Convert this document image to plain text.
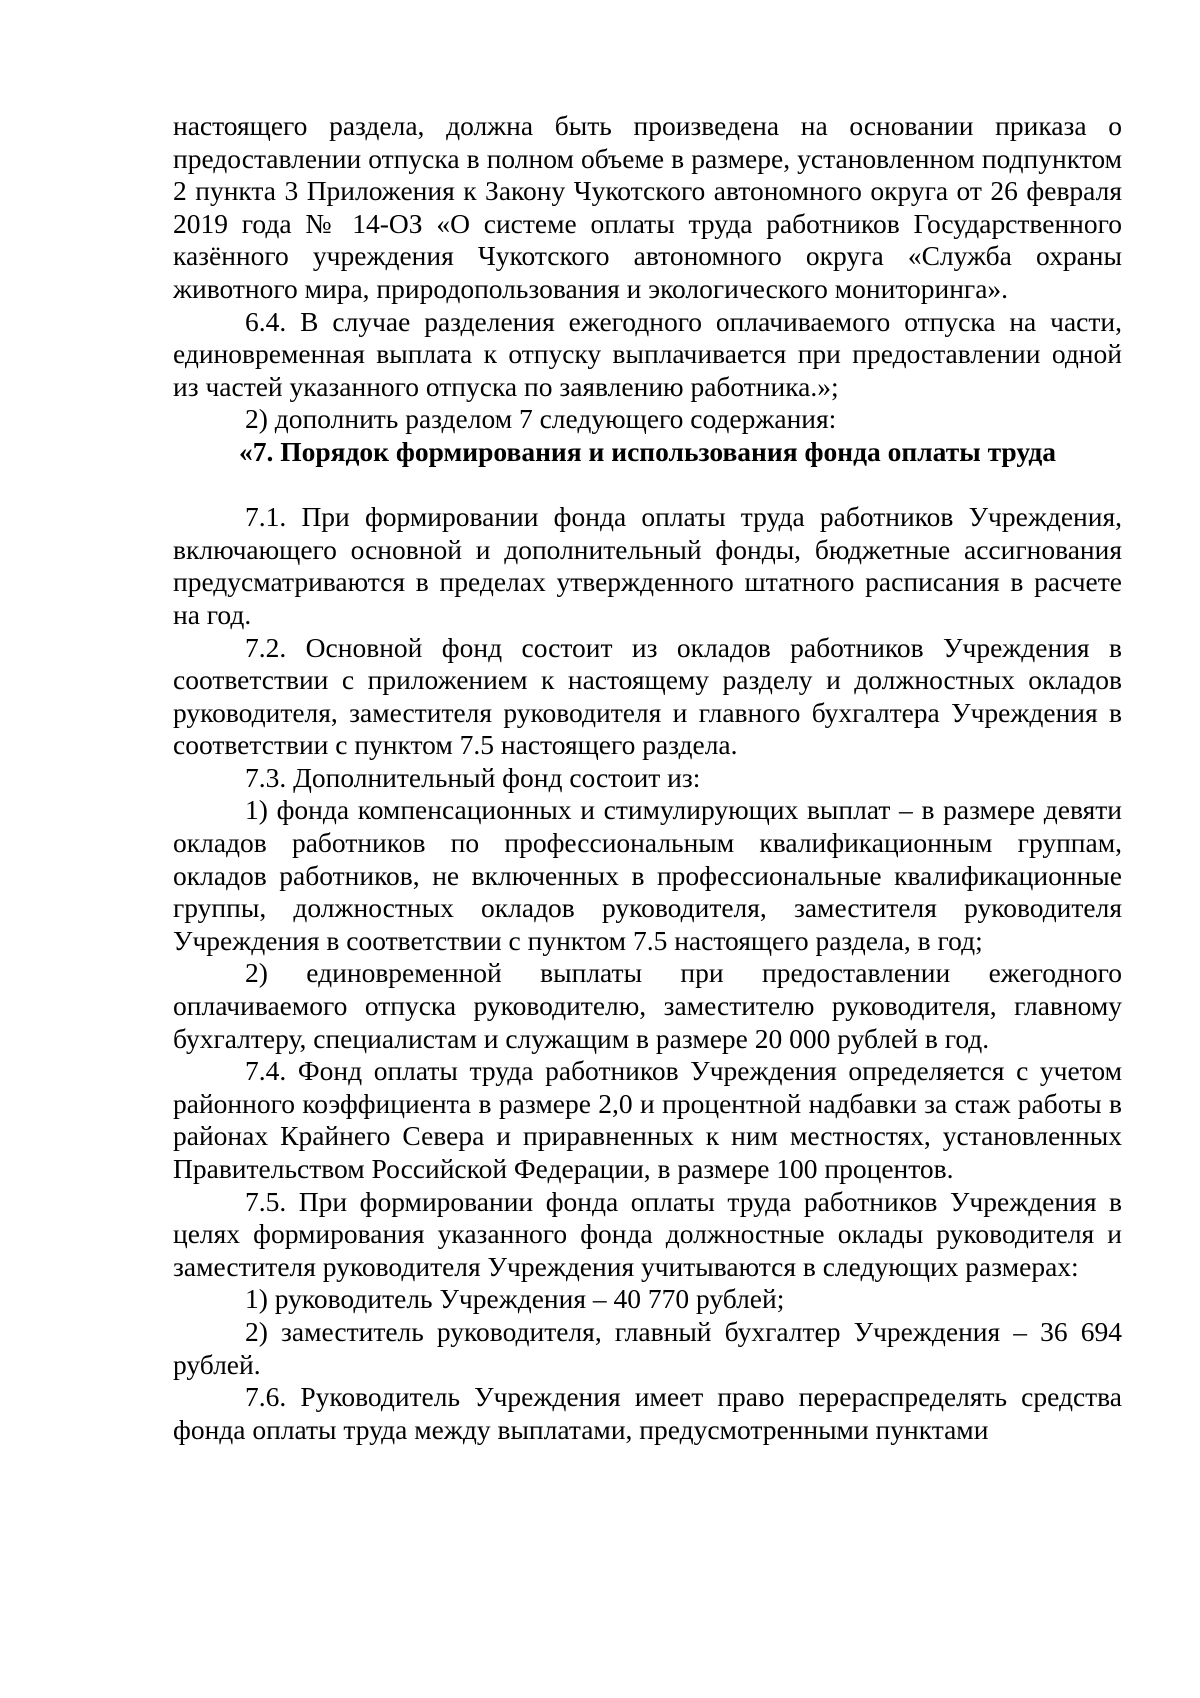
настоящего раздела, должна быть произведена на основании приказа о предоставлении отпуска в полном объеме в размере, установленном подпунктом 2 пункта 3 Приложения к Закону Чукотского автономного округа от 26 февраля 2019 года № 14-ОЗ «О системе оплаты труда работников Государственного казённого учреждения Чукотского автономного округа «Служба охраны животного мира, природопользования и экологического мониторинга».

6.4. В случае разделения ежегодного оплачиваемого отпуска на части, единовременная выплата к отпуску выплачивается при предоставлении одной из частей указанного отпуска по заявлению работника.»;

2) дополнить разделом 7 следующего содержания:

«7. Порядок формирования и использования фонда оплаты труда

7.1. При формировании фонда оплаты труда работников Учреждения, включающего основной и дополнительный фонды, бюджетные ассигнования предусматриваются в пределах утвержденного штатного расписания в расчете на год.

7.2. Основной фонд состоит из окладов работников Учреждения в соответствии с приложением к настоящему разделу и должностных окладов руководителя, заместителя руководителя и главного бухгалтера Учреждения в соответствии с пунктом 7.5 настоящего раздела.

7.3. Дополнительный фонд состоит из:

1) фонда компенсационных и стимулирующих выплат – в размере девяти окладов работников по профессиональным квалификационным группам, окладов работников, не включенных в профессиональные квалификационные группы, должностных окладов руководителя, заместителя руководителя Учреждения в соответствии с пунктом 7.5 настоящего раздела, в год;

2) единовременной выплаты при предоставлении ежегодного оплачиваемого отпуска руководителю, заместителю руководителя, главному бухгалтеру, специалистам и служащим в размере 20 000 рублей в год.

7.4. Фонд оплаты труда работников Учреждения определяется с учетом районного коэффициента в размере 2,0 и процентной надбавки за стаж работы в районах Крайнего Севера и приравненных к ним местностях, установленных Правительством Российской Федерации, в размере 100 процентов.

7.5. При формировании фонда оплаты труда работников Учреждения в целях формирования указанного фонда должностные оклады руководителя и заместителя руководителя Учреждения учитываются в следующих размерах:

1) руководитель Учреждения – 40 770 рублей;

2) заместитель руководителя, главный бухгалтер Учреждения – 36 694 рублей.

7.6. Руководитель Учреждения имеет право перераспределять средства фонда оплаты труда между выплатами, предусмотренными пунктами
